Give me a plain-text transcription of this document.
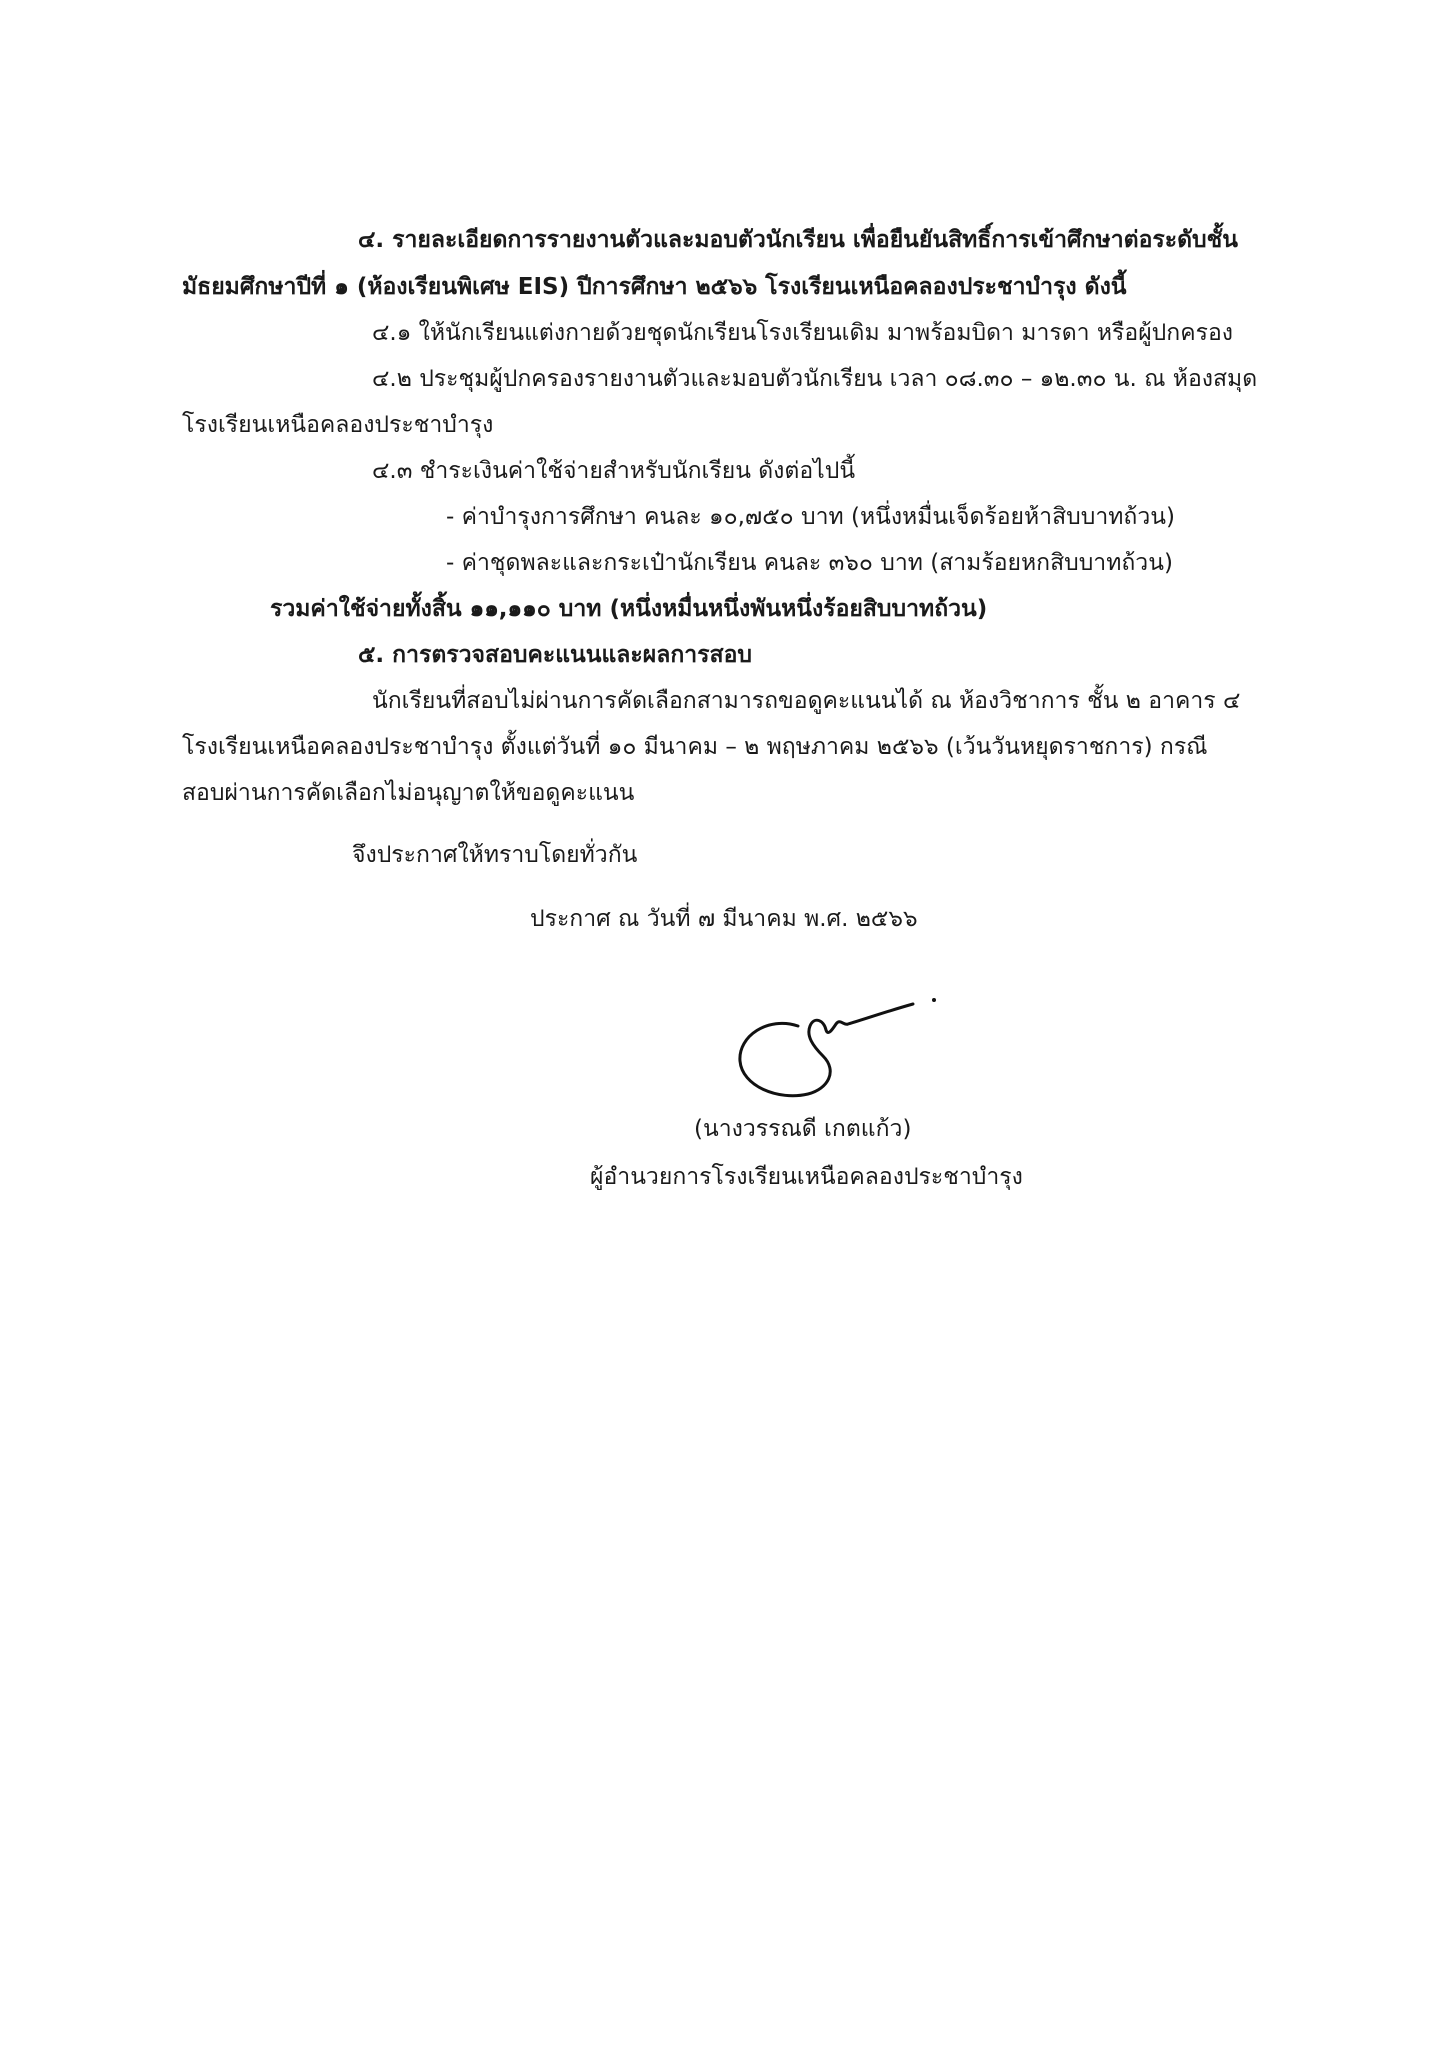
๔. รายละเอียดการรายงานตัวและมอบตัวนักเรียน เพื่อยืนยันสิทธิ์การเข้าศึกษาต่อระดับชั้น
มัธยมศึกษาปีที่ ๑ (ห้องเรียนพิเศษ EIS) ปีการศึกษา ๒๕๖๖ โรงเรียนเหนือคลองประชาบำรุง ดังนี้
๔.๑ ให้นักเรียนแต่งกายด้วยชุดนักเรียนโรงเรียนเดิม มาพร้อมบิดา มารดา หรือผู้ปกครอง
๔.๒ ประชุมผู้ปกครองรายงานตัวและมอบตัวนักเรียน เวลา ๐๘.๓๐ – ๑๒.๓๐ น. ณ ห้องสมุด
โรงเรียนเหนือคลองประชาบำรุง
๔.๓ ชำระเงินค่าใช้จ่ายสำหรับนักเรียน ดังต่อไปนี้
- ค่าบำรุงการศึกษา คนละ ๑๐,๗๕๐ บาท (หนึ่งหมื่นเจ็ดร้อยห้าสิบบาทถ้วน)
- ค่าชุดพละและกระเป๋านักเรียน คนละ ๓๖๐ บาท (สามร้อยหกสิบบาทถ้วน)
รวมค่าใช้จ่ายทั้งสิ้น ๑๑,๑๑๐ บาท (หนึ่งหมื่นหนึ่งพันหนึ่งร้อยสิบบาทถ้วน)
๕. การตรวจสอบคะแนนและผลการสอบ
นักเรียนที่สอบไม่ผ่านการคัดเลือกสามารถขอดูคะแนนได้ ณ ห้องวิชาการ ชั้น ๒ อาคาร ๔
โรงเรียนเหนือคลองประชาบำรุง ตั้งแต่วันที่ ๑๐ มีนาคม – ๒ พฤษภาคม ๒๕๖๖ (เว้นวันหยุดราชการ) กรณี
สอบผ่านการคัดเลือกไม่อนุญาตให้ขอดูคะแนน
จึงประกาศให้ทราบโดยทั่วกัน
ประกาศ ณ วันที่ ๗ มีนาคม พ.ศ. ๒๕๖๖
(นางวรรณดี เกตแก้ว)
ผู้อำนวยการโรงเรียนเหนือคลองประชาบำรุง
